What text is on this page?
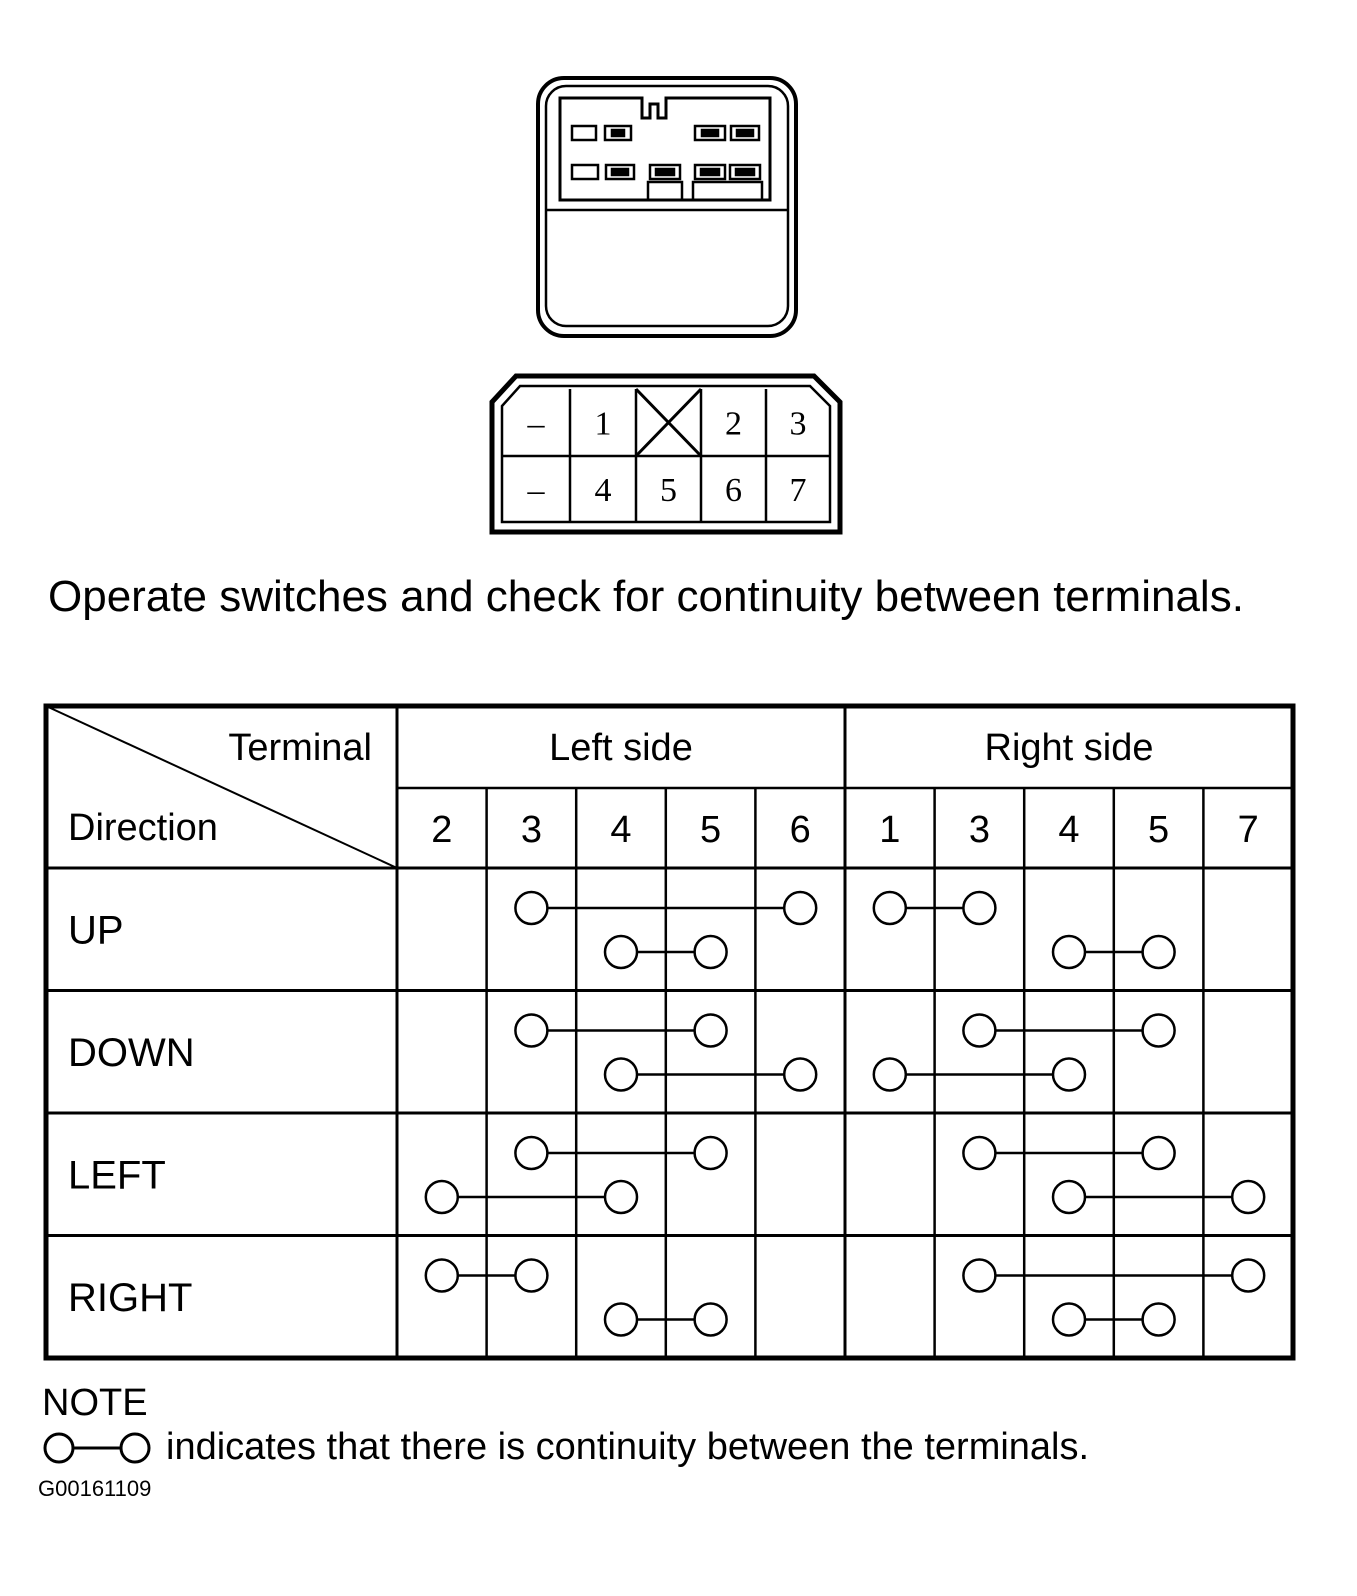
– 1	2 3
– 4 5 6 7
Operate switches and check for continuity between terminals.
Terminal
Direction
Left side
2 3 4 5 6
Right side
1 3 4 5 7
UP
DOWN
LEFT
RIGHT
NOTE
indicates that there is continuity between the terminals.
G00161109
